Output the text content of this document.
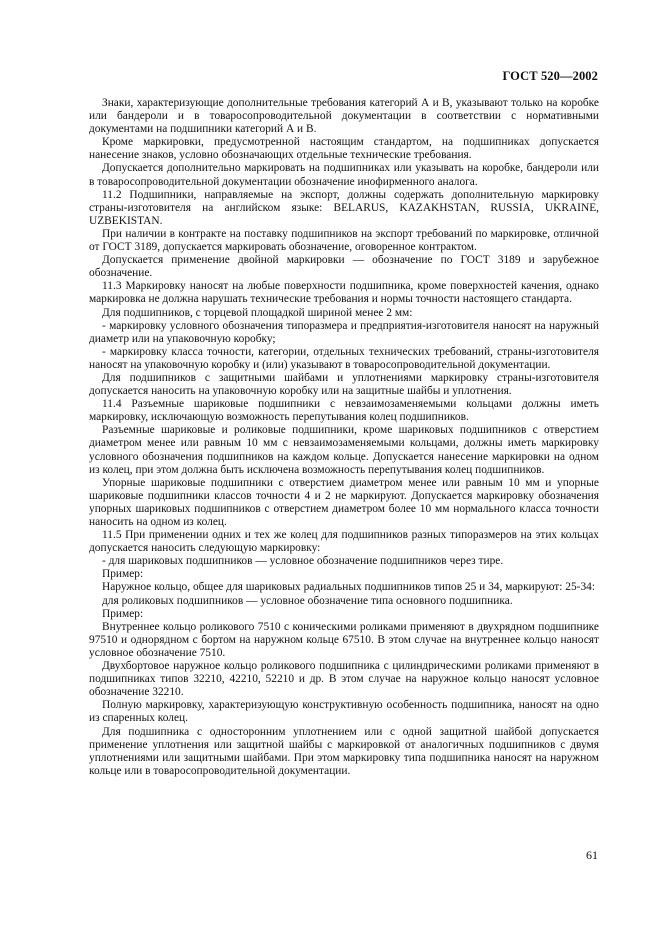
ГОСТ 520—2002

Знаки, характеризующие дополнительные требования категорий А и В, указывают только на коробке или бандероли и в товаросопроводительной документации в соответствии с нормативными документами на подшипники категорий А и В.

Кроме маркировки, предусмотренной настоящим стандартом, на подшипниках допускается нанесение знаков, условно обозначающих отдельные технические требования.

Допускается дополнительно маркировать на подшипниках или указывать на коробке, бандероли или в товаросопроводительной документации обозначение инофирменного аналога.

11.2 Подшипники, направляемые на экспорт, должны содержать дополнительную маркировку страны-изготовителя на английском языке: BELARUS, KAZAKHSTAN, RUSSIA, UKRAINE, UZBEKISTAN.

При наличии в контракте на поставку подшипников на экспорт требований по маркировке, отличной от ГОСТ 3189, допускается маркировать обозначение, оговоренное контрактом.

Допускается применение двойной маркировки — обозначение по ГОСТ 3189 и зарубежное обозначение.

11.3 Маркировку наносят на любые поверхности подшипника, кроме поверхностей качения, однако маркировка не должна нарушать технические требования и нормы точности настоящего стандарта.

Для подшипников, с торцевой площадкой шириной менее 2 мм:

- маркировку условного обозначения типоразмера и предприятия-изготовителя наносят на наружный диаметр или на упаковочную коробку;

- маркировку класса точности, категории, отдельных технических требований, страны-изготовителя наносят на упаковочную коробку и (или) указывают в товаросопроводительной документации.

Для подшипников с защитными шайбами и уплотнениями маркировку страны-изготовителя допускается наносить на упаковочную коробку или на защитные шайбы и уплотнения.

11.4 Разъемные шариковые подшипники с невзаимозаменяемыми кольцами должны иметь маркировку, исключающую возможность перепутывания колец подшипников.

Разъемные шариковые и роликовые подшипники, кроме шариковых подшипников с отверстием диаметром менее или равным 10 мм с невзаимозаменяемыми кольцами, должны иметь маркировку условного обозначения подшипников на каждом кольце. Допускается нанесение маркировки на одном из колец, при этом должна быть исключена возможность перепутывания колец подшипников.

Упорные шариковые подшипники с отверстием диаметром менее или равным 10 мм и упорные шариковые подшипники классов точности 4 и 2 не маркируют. Допускается маркировку обозначения упорных шариковых подшипников с отверстием диаметром более 10 мм нормального класса точности наносить на одном из колец.

11.5 При применении одних и тех же колец для подшипников разных типоразмеров на этих кольцах допускается наносить следующую маркировку:

- для шариковых подшипников — условное обозначение подшипников через тире.

Пример:

Наружное кольцо, общее для шариковых радиальных подшипников типов 25 и 34, маркируют: 25-34:

для роликовых подшипников — условное обозначение типа основного подшипника.

Пример:

Внутреннее кольцо роликового 7510 с коническими роликами применяют в двухрядном подшипнике 97510 и однорядном с бортом на наружном кольце 67510. В этом случае на внутреннее кольцо наносят условное обозначение 7510.

Двухбортовое наружное кольцо роликового подшипника с цилиндрическими роликами применяют в подшипниках типов 32210, 42210, 52210 и др. В этом случае на наружное кольцо наносят условное обозначение 32210.

Полную маркировку, характеризующую конструктивную особенность подшипника, наносят на одно из спаренных колец.

Для подшипника с односторонним уплотнением или с одной защитной шайбой допускается применение уплотнения или защитной шайбы с маркировкой от аналогичных подшипников с двумя уплотнениями или защитными шайбами. При этом маркировку типа подшипника наносят на наружном кольце или в товаросопроводительной документации.

61
